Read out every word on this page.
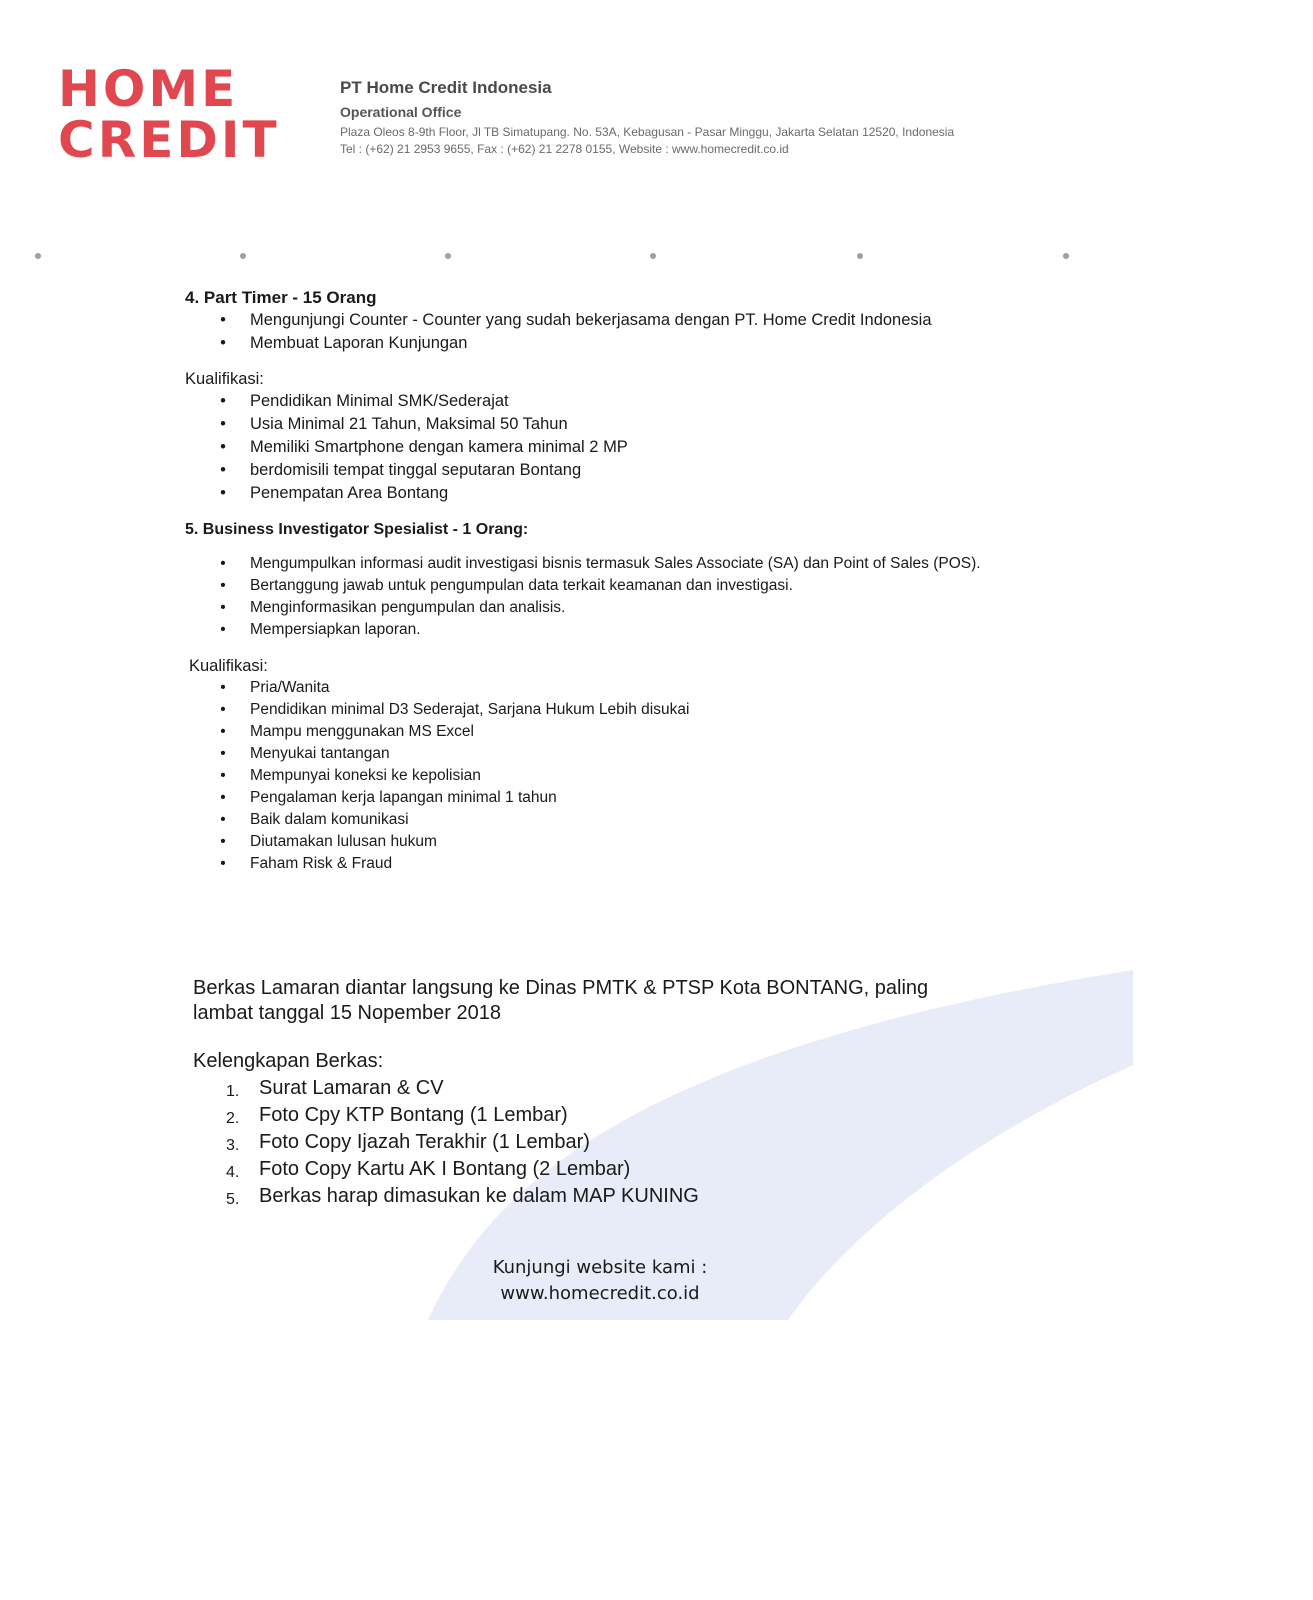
HOME
CREDIT
PT Home Credit Indonesia
Operational Office
Plaza Oleos 8-9th Floor, Jl TB Simatupang. No. 53A, Kebagusan - Pasar Minggu, Jakarta Selatan 12520, Indonesia
Tel : (+62) 21 2953 9655, Fax : (+62) 21 2278 0155, Website : www.homecredit.co.id

4. Part Timer - 15 Orang

• Mengunjungi Counter - Counter yang sudah bekerjasama dengan PT. Home Credit Indonesia
• Membuat Laporan Kunjungan

Kualifikasi:

• Pendidikan Minimal SMK/Sederajat
• Usia Minimal 21 Tahun, Maksimal 50 Tahun
• Memiliki Smartphone dengan kamera minimal 2 MP
• berdomisili tempat tinggal seputaran Bontang
• Penempatan Area Bontang

5. Business Investigator Spesialist - 1 Orang:

• Mengumpulkan informasi audit investigasi bisnis termasuk Sales Associate (SA) dan Point of Sales (POS).
• Bertanggung jawab untuk pengumpulan data terkait keamanan dan investigasi.
• Menginformasikan pengumpulan dan analisis.
• Mempersiapkan laporan.

Kualifikasi:

• Pria/Wanita
• Pendidikan minimal D3 Sederajat, Sarjana Hukum Lebih disukai
• Mampu menggunakan MS Excel
• Menyukai tantangan
• Mempunyai koneksi ke kepolisian
• Pengalaman kerja lapangan minimal 1 tahun
• Baik dalam komunikasi
• Diutamakan lulusan hukum
• Faham Risk & Fraud

Berkas Lamaran diantar langsung ke Dinas PMTK & PTSP Kota BONTANG, paling

lambat tanggal 15 Nopember 2018

Kelengkapan Berkas:

1. Surat Lamaran & CV
2. Foto Cpy KTP Bontang (1 Lembar)
3. Foto Copy Ijazah Terakhir (1 Lembar)
4. Foto Copy Kartu AK I Bontang (2 Lembar)
5. Berkas harap dimasukan ke dalam MAP KUNING
Kunjungi website kami :
www.homecredit.co.id
